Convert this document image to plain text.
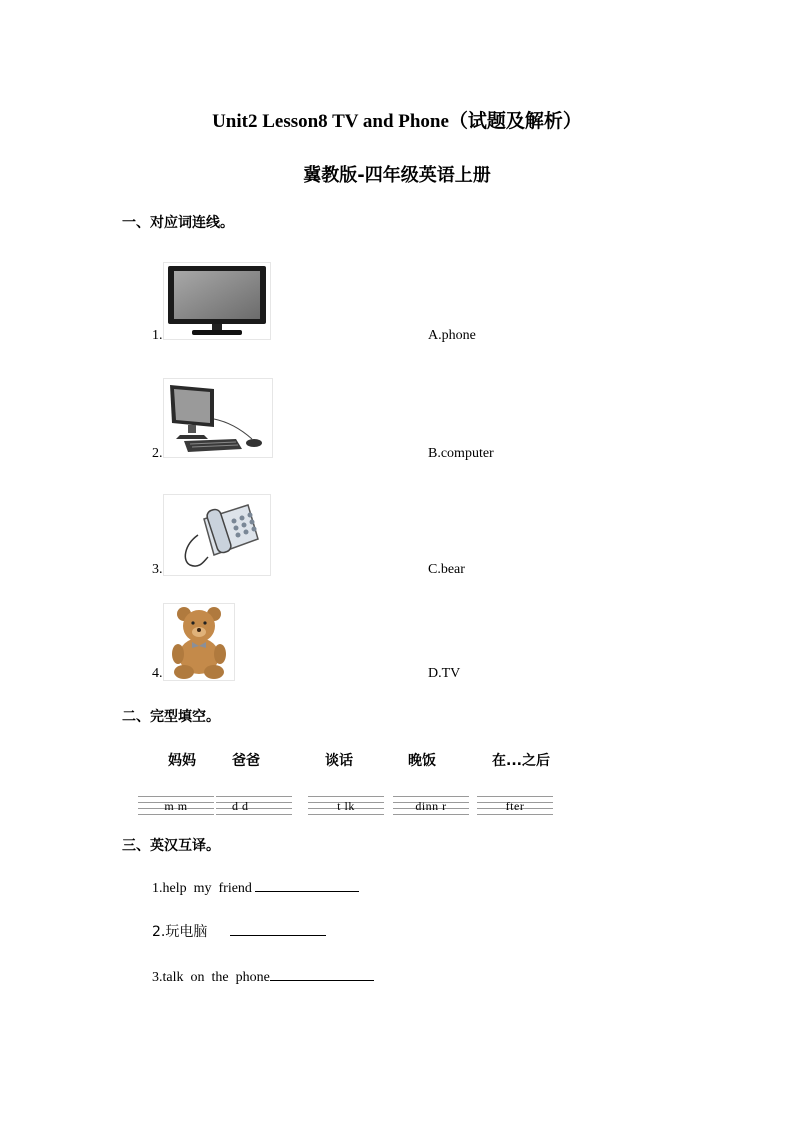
Unit2 Lesson8 TV and Phone（试题及解析）
冀教版-四年级英语上册
一、对应词连线。
1.	A.phone
2.	B.computer
3.	C.bear
4.	D.TV
二、完型填空。
妈妈	爸爸	谈话	晚饭	在...之后
m m	d d	t lk	dinn r	fter
三、英汉互译。
1.help  my  friend
2.玩电脑
3.talk  on  the  phone
